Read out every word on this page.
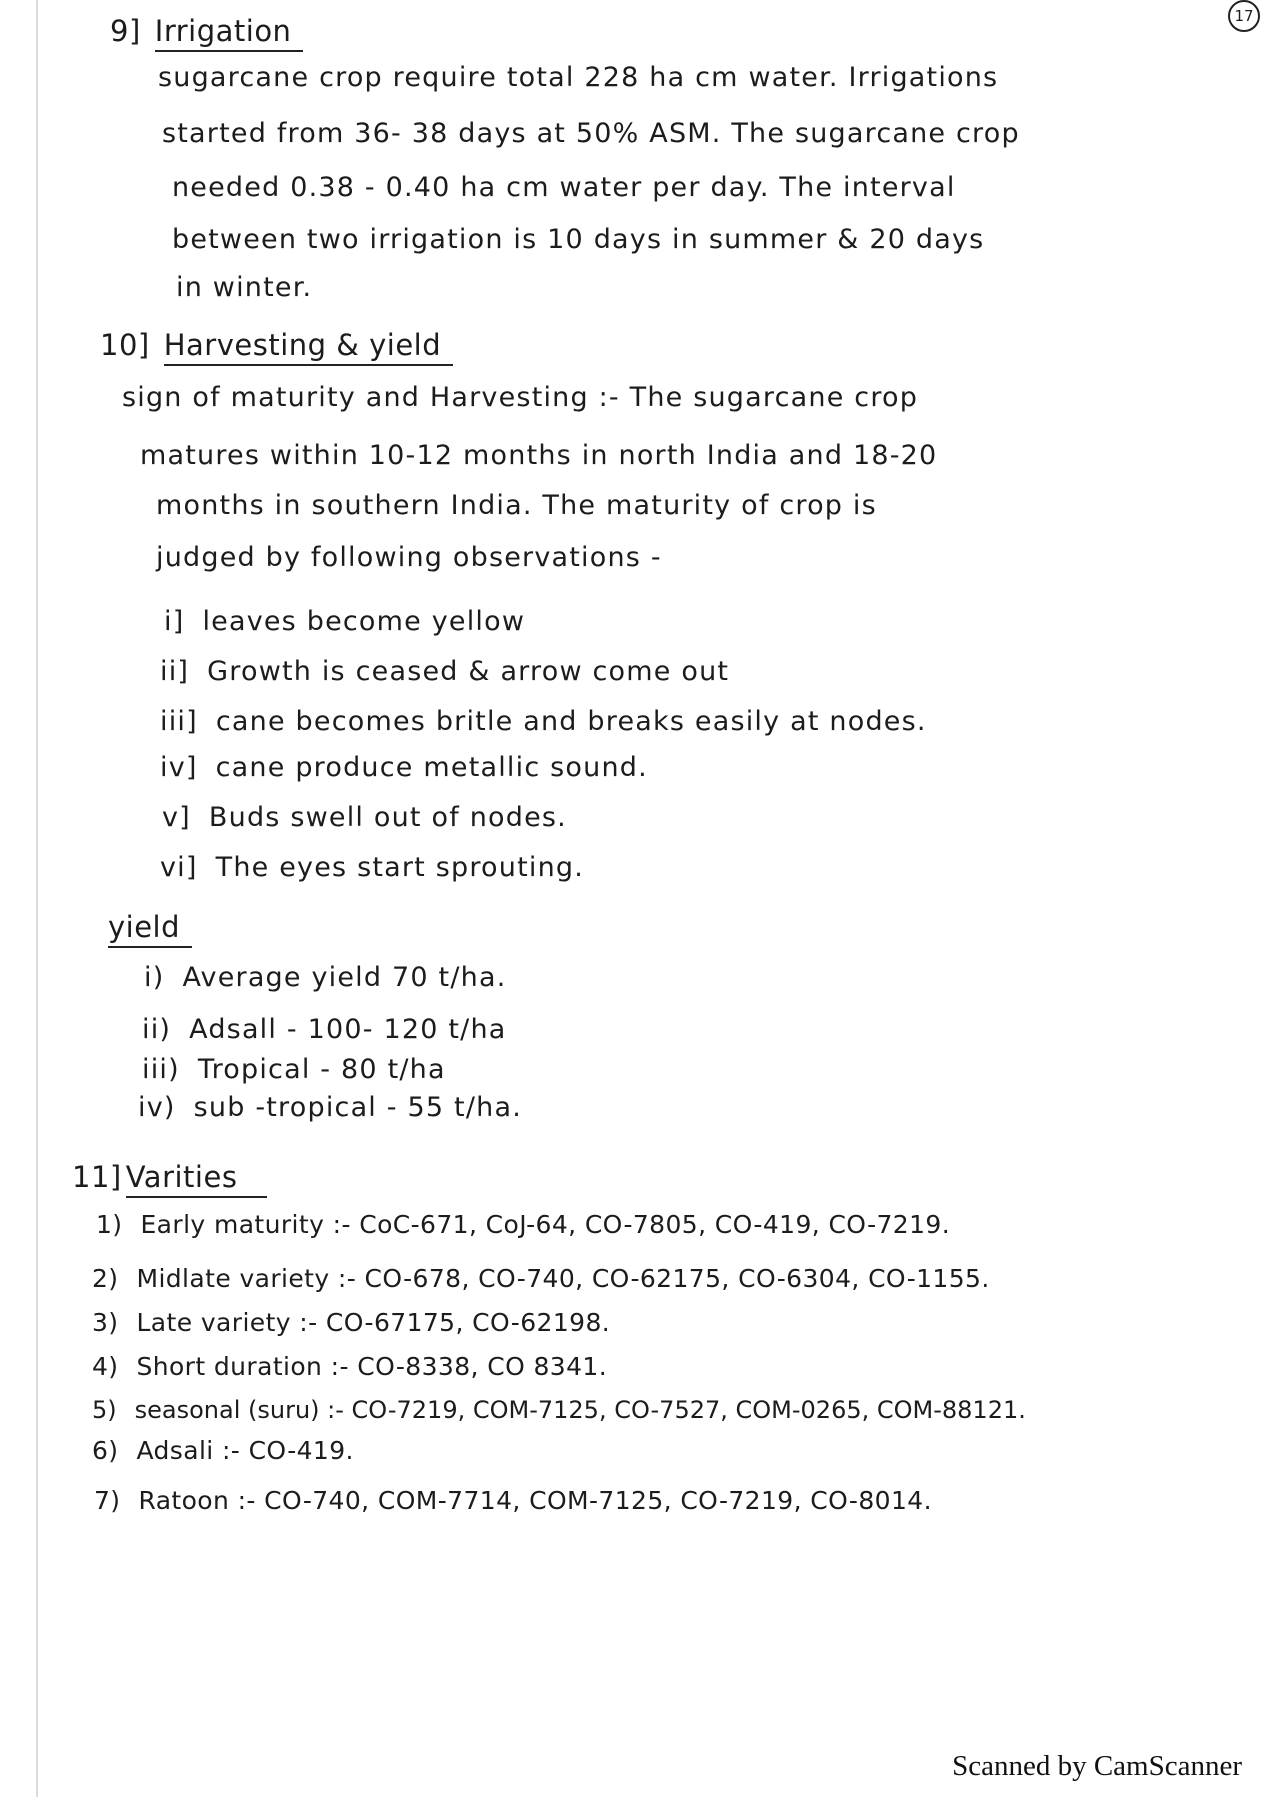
17
9] Irrigation
sugarcane crop require total 228 ha cm water. Irrigations
started from 36- 38 days at 50% ASM. The sugarcane crop
needed 0.38 - 0.40 ha cm water per day. The interval
between two irrigation is 10 days in summer & 20 days
in winter.
10] Harvesting & yield
sign of maturity and Harvesting :- The sugarcane crop
matures within 10-12 months in north India and 18-20
months in southern India. The maturity of crop is
judged by following observations -
i] leaves become yellow
ii] Growth is ceased & arrow come out
iii] cane becomes britle and breaks easily at nodes.
iv] cane produce metallic sound.
v] Buds swell out of nodes.
vi] The eyes start sprouting.
yield
i) Average yield 70 t/ha.
ii) Adsall - 100- 120 t/ha
iii) Tropical - 80 t/ha
iv) sub -tropical - 55 t/ha.
11] Varities
1) Early maturity :- CoC-671, CoJ-64, CO-7805, CO-419, CO-7219.
2) Midlate variety :- CO-678, CO-740, CO-62175, CO-6304, CO-1155.
3) Late variety :- CO-67175, CO-62198.
4) Short duration :- CO-8338, CO 8341.
5) seasonal (suru) :- CO-7219, COM-7125, CO-7527, COM-0265, COM-88121.
6) Adsali :- CO-419.
7) Ratoon :- CO-740, COM-7714, COM-7125, CO-7219, CO-8014.
Scanned by CamScanner
